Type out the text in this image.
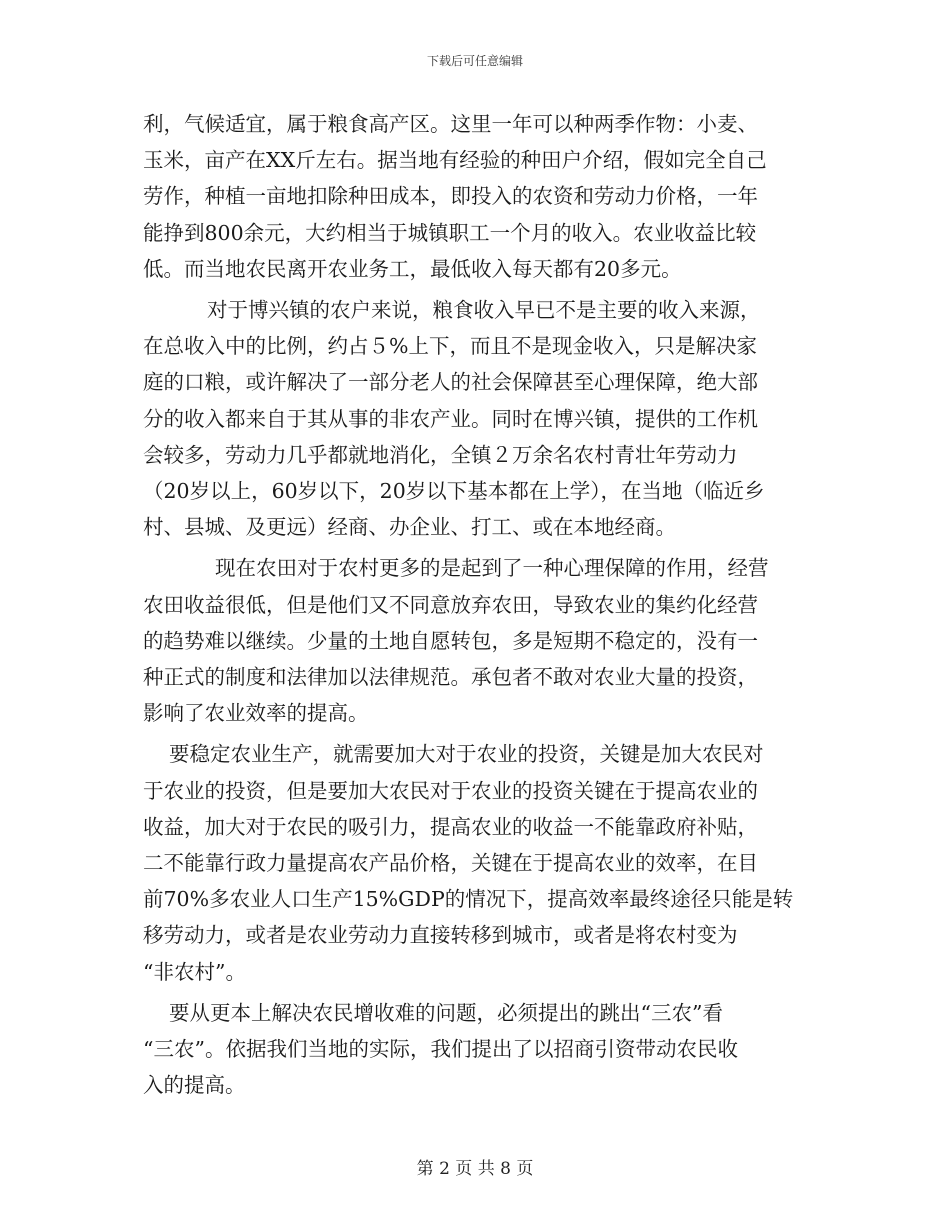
下载后可任意编辑
利，气候适宜，属于粮食高产区。这里一年可以种两季作物：小麦、
玉米，亩产在XX斤左右。据当地有经验的种田户介绍，假如完全自己
劳作，种植一亩地扣除种田成本，即投入的农资和劳动力价格，一年
能挣到800余元，大约相当于城镇职工一个月的收入。农业收益比较
低。而当地农民离开农业务工，最低收入每天都有20多元。
对于博兴镇的农户来说，粮食收入早已不是主要的收入来源，
在总收入中的比例，约占５%上下，而且不是现金收入，只是解决家
庭的口粮，或许解决了一部分老人的社会保障甚至心理保障，绝大部
分的收入都来自于其从事的非农产业。同时在博兴镇，提供的工作机
会较多，劳动力几乎都就地消化，全镇２万余名农村青壮年劳动力
（20岁以上，60岁以下，20岁以下基本都在上学），在当地（临近乡
村、县城、及更远）经商、办企业、打工、或在本地经商。
现在农田对于农村更多的是起到了一种心理保障的作用，经营
农田收益很低，但是他们又不同意放弃农田，导致农业的集约化经营
的趋势难以继续。少量的土地自愿转包，多是短期不稳定的，没有一
种正式的制度和法律加以法律规范。承包者不敢对农业大量的投资，
影响了农业效率的提高。
要稳定农业生产，就需要加大对于农业的投资，关键是加大农民对
于农业的投资，但是要加大农民对于农业的投资关键在于提高农业的
收益，加大对于农民的吸引力，提高农业的收益一不能靠政府补贴，
二不能靠行政力量提高农产品价格，关键在于提高农业的效率，在目
前70%多农业人口生产15%GDP的情况下，提高效率最终途径只能是转
移劳动力，或者是农业劳动力直接转移到城市，或者是将农村变为
“非农村”。
要从更本上解决农民增收难的问题，必须提出的跳出“三农”看
“三农”。依据我们当地的实际，我们提出了以招商引资带动农民收
入的提高。
第 2 页 共 8 页
